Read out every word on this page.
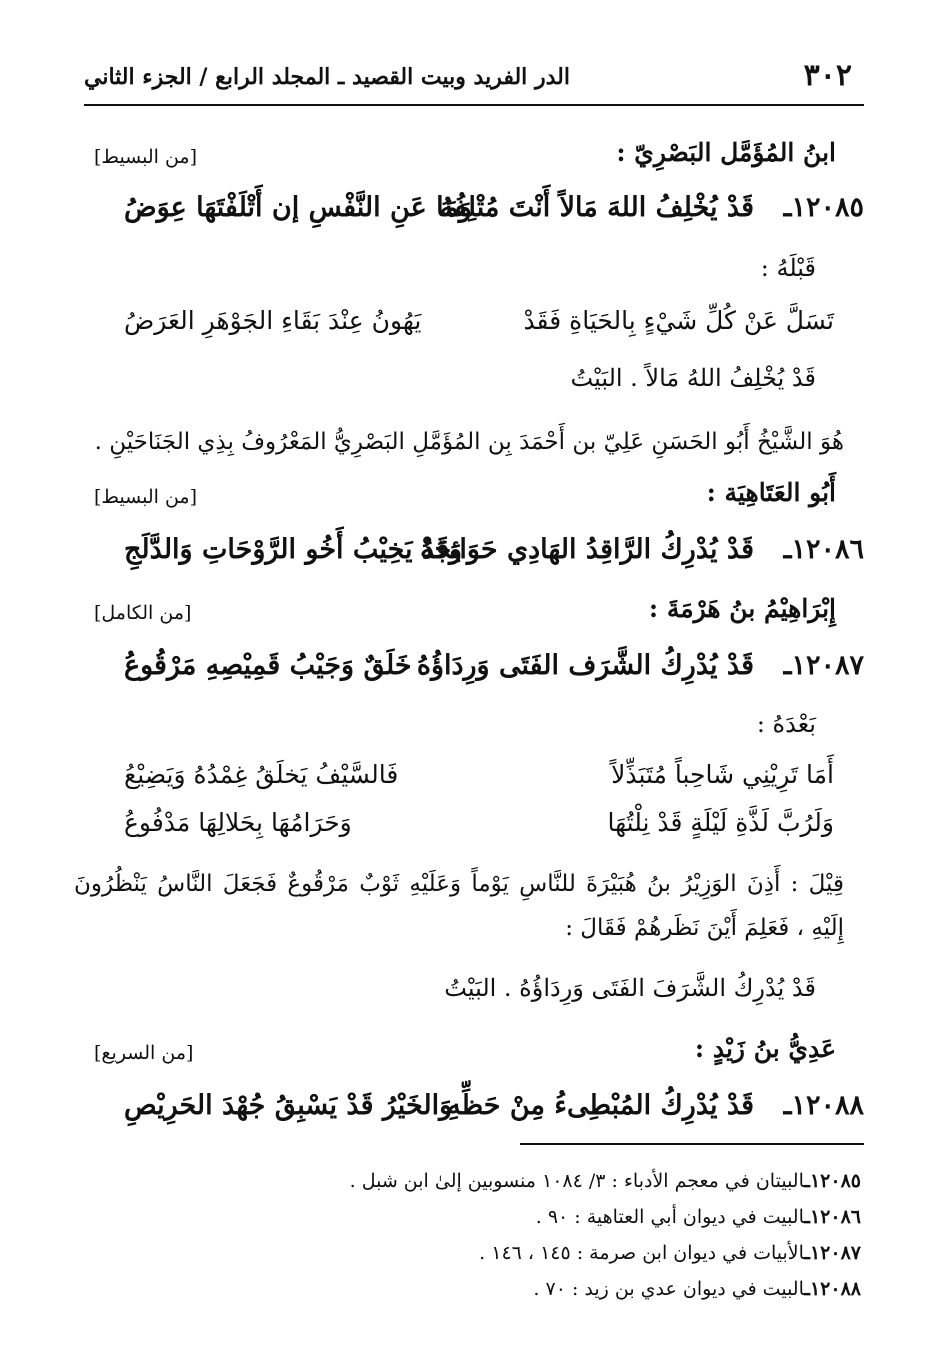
٣٠٢
الدر الفريد وبيت القصيد ـ المجلد الرابع / الجزء الثاني
ابنُ المُؤَمَّل البَصْرِيّ :
[من البسيط]
١٢٠٨٥ـ
قَدْ يُخْلِفُ اللهَ مَالاً أَنْتَ مُتْلِفُهُ
وَمَا عَنِ النَّفْسِ إن أَتْلَفْتَهَا عِوَضُ
قَبْلَهُ :
تَسَلَّ عَنْ كُلِّ شَيْءٍ بِالحَيَاةِ فَقَدْ
يَهُونُ عِنْدَ بَقَاءِ الجَوْهَرِ العَرَضُ
قَدْ يُخْلِفُ اللهُ مَالاً . البَيْتُ
هُوَ الشَّيْخُ أَبُو الحَسَنِ عَلِيّ بن أَحْمَدَ بِن المُؤَمَّلِ البَصْرِيُّ المَعْرُوفُ بِذِي الجَنَاحَيْنِ .
أَبُو العَتَاهِيَة :
[من البسيط]
١٢٠٨٦ـ
قَدْ يُدْرِكُ الرَّاقِدُ الهَادِي حَوَائِجَهُ
وَقَدْ يَخِيْبُ أَخُو الرَّوْحَاتِ وَالدَّلَجِ
إِبْرَاهِيْمُ بنُ هَرْمَةَ :
[من الكامل]
١٢٠٨٧ـ
قَدْ يُدْرِكُ الشَّرَف الفَتَى وَرِدَاؤُهُ
خَلَقٌ وَجَيْبُ قَمِيْصِهِ مَرْقُوعُ
بَعْدَهُ :
أَمَا تَرِيْنِي شَاحِباً مُتَبَذِّلاً
فَالسَّيْفُ يَخلَقُ غِمْدُهُ وَيَضِيْعُ
وَلَرُبَّ لَذَّةِ لَيْلَةٍ قَدْ نِلْتُهَا
وَحَرَامُهَا بِحَلالِهَا مَدْفُوعُ
قِيْلَ : أَذِنَ الوَزِيْرُ بنُ هُبَيْرَةَ للنَّاسِ يَوْماً وَعَلَيْهِ ثَوْبٌ مَرْقُوعٌ فَجَعَلَ النَّاسُ يَنْظُرُونَ إِلَيْهِ ، فَعَلِمَ أَيْنَ نَظَرهُمْ فَقَالَ :
قَدْ يُدْرِكُ الشَّرَفَ الفَتَى وَرِدَاؤُهُ . البَيْتُ
عَدِيُّ بنُ زَيْدٍ :
[من السريع]
١٢٠٨٨ـ
قَدْ يُدْرِكُ المُبْطِىءُ مِنْ حَظِّهِ
وَالخَيْرُ قَدْ يَسْبِقُ جُهْدَ الحَرِيْصِ
١٢٠٨٥ـالبيتان في معجم الأدباء : ٣/ ١٠٨٤ منسوبين إلىٰ ابن شبل .
١٢٠٨٦ـالبيت في ديوان أبي العتاهية : ٩٠ .
١٢٠٨٧ـالأبيات في ديوان ابن صرمة : ١٤٥ ، ١٤٦ .
١٢٠٨٨ـالبيت في ديوان عدي بن زيد : ٧٠ .
